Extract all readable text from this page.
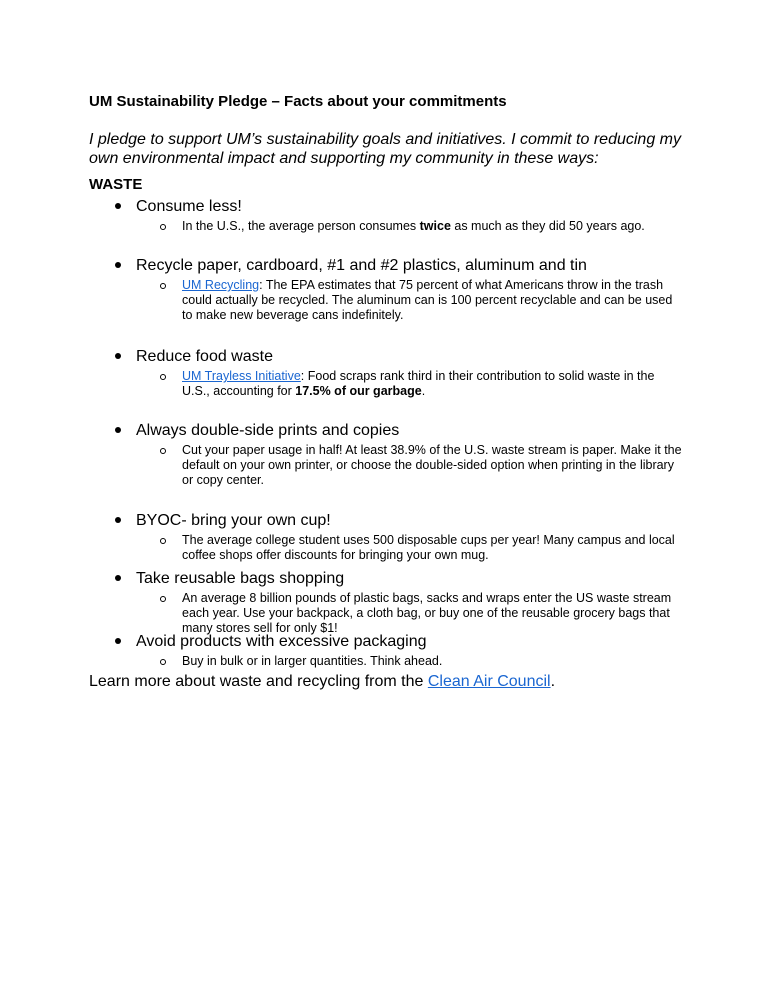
UM Sustainability Pledge – Facts about your commitments
I pledge to support UM’s sustainability goals and initiatives. I commit to reducing my own environmental impact and supporting my community in these ways:
WASTE
Consume less!
In the U.S., the average person consumes twice as much as they did 50 years ago.
Recycle paper, cardboard, #1 and #2 plastics, aluminum and tin
UM Recycling: The EPA estimates that 75 percent of what Americans throw in the trash could actually be recycled. The aluminum can is 100 percent recyclable and can be used to make new beverage cans indefinitely.
Reduce food waste
UM Trayless Initiative: Food scraps rank third in their contribution to solid waste in the U.S., accounting for 17.5% of our garbage.
Always double-side prints and copies
Cut your paper usage in half! At least 38.9% of the U.S. waste stream is paper. Make it the default on your own printer, or choose the double-sided option when printing in the library or copy center.
BYOC- bring your own cup!
The average college student uses 500 disposable cups per year! Many campus and local coffee shops offer discounts for bringing your own mug.
Take reusable bags shopping
An average 8 billion pounds of plastic bags, sacks and wraps enter the US waste stream each year. Use your backpack, a cloth bag, or buy one of the reusable grocery bags that many stores sell for only $1!
Avoid products with excessive packaging
Buy in bulk or in larger quantities. Think ahead.
Learn more about waste and recycling from the Clean Air Council.
